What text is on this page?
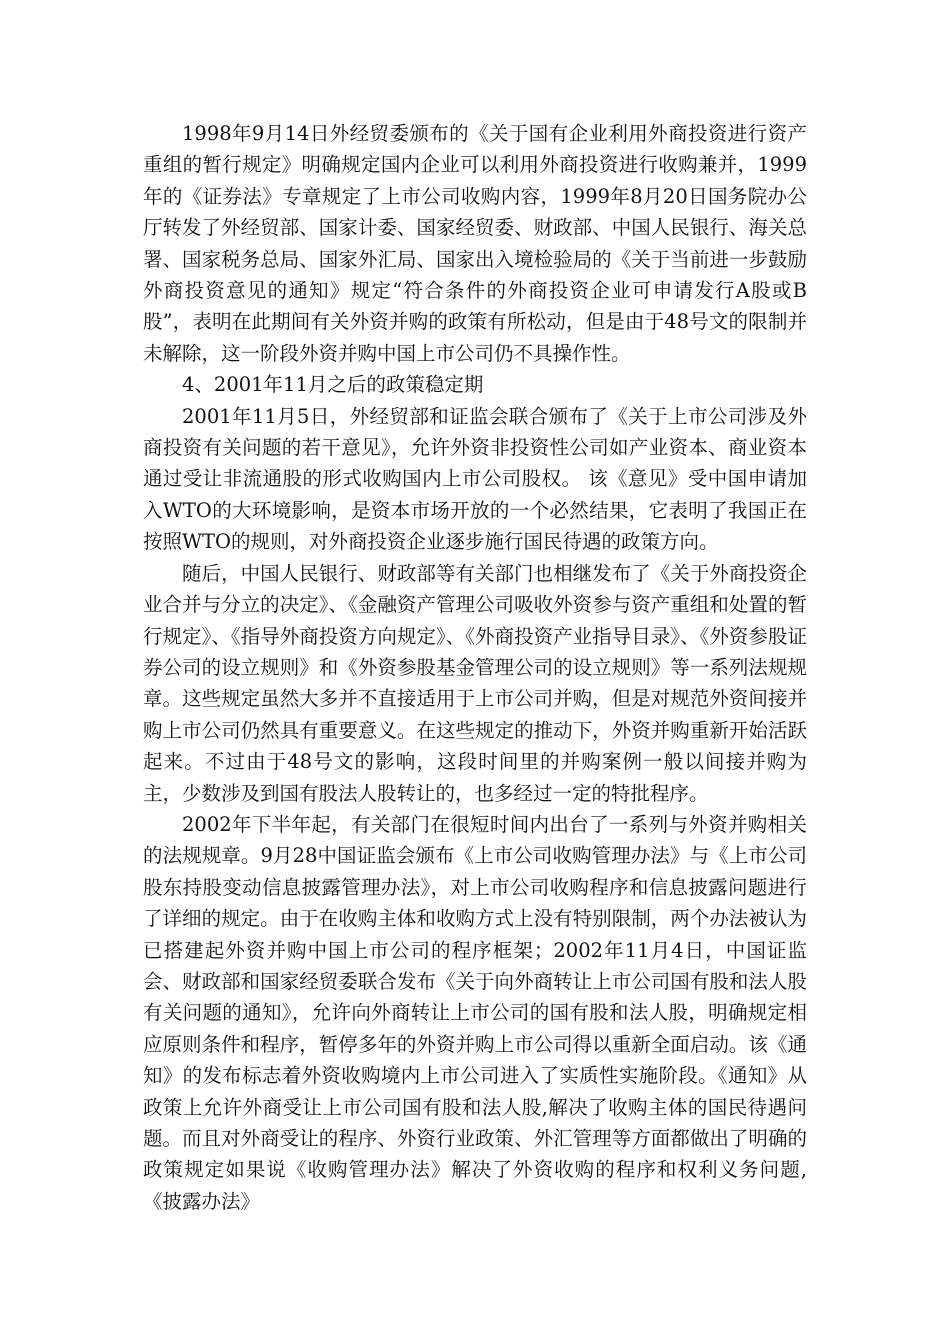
1998年9月14日外经贸委颁布的《关于国有企业利用外商投资进行资产重组的暂行规定》明确规定国内企业可以利用外商投资进行收购兼并，1999年的《证券法》专章规定了上市公司收购内容，1999年8月20日国务院办公厅转发了外经贸部、国家计委、国家经贸委、财政部、中国人民银行、海关总署、国家税务总局、国家外汇局、国家出入境检验局的《关于当前进一步鼓励外商投资意见的通知》规定“符合条件的外商投资企业可申请发行A股或B股”，表明在此期间有关外资并购的政策有所松动，但是由于48号文的限制并未解除，这一阶段外资并购中国上市公司仍不具操作性。

4、2001年11月之后的政策稳定期

2001年11月5日，外经贸部和证监会联合颁布了《关于上市公司涉及外商投资有关问题的若干意见》，允许外资非投资性公司如产业资本、商业资本通过受让非流通股的形式收购国内上市公司股权。 该《意见》受中国申请加入WTO的大环境影响，是资本市场开放的一个必然结果，它表明了我国正在按照WTO的规则，对外商投资企业逐步施行国民待遇的政策方向。

随后，中国人民银行、财政部等有关部门也相继发布了《关于外商投资企业合并与分立的决定》、《金融资产管理公司吸收外资参与资产重组和处置的暂行规定》、《指导外商投资方向规定》、《外商投资产业指导目录》、《外资参股证券公司的设立规则》和《外资参股基金管理公司的设立规则》等一系列法规规章。这些规定虽然大多并不直接适用于上市公司并购，但是对规范外资间接并购上市公司仍然具有重要意义。在这些规定的推动下，外资并购重新开始活跃起来。不过由于48号文的影响，这段时间里的并购案例一般以间接并购为主，少数涉及到国有股法人股转让的，也多经过一定的特批程序。

2002年下半年起，有关部门在很短时间内出台了一系列与外资并购相关的法规规章。9月28中国证监会颁布《上市公司收购管理办法》与《上市公司股东持股变动信息披露管理办法》，对上市公司收购程序和信息披露问题进行了详细的规定。由于在收购主体和收购方式上没有特别限制，两个办法被认为已搭建起外资并购中国上市公司的程序框架；2002年11月4日，中国证监会、财政部和国家经贸委联合发布《关于向外商转让上市公司国有股和法人股有关问题的通知》，允许向外商转让上市公司的国有股和法人股，明确规定相应原则条件和程序，暂停多年的外资并购上市公司得以重新全面启动。该《通知》的发布标志着外资收购境内上市公司进入了实质性实施阶段。《通知》从政策上允许外商受让上市公司国有股和法人股,解决了收购主体的国民待遇问题。而且对外商受让的程序、外资行业政策、外汇管理等方面都做出了明确的政策规定如果说《收购管理办法》解决了外资收购的程序和权利义务问题,《披露办法》
